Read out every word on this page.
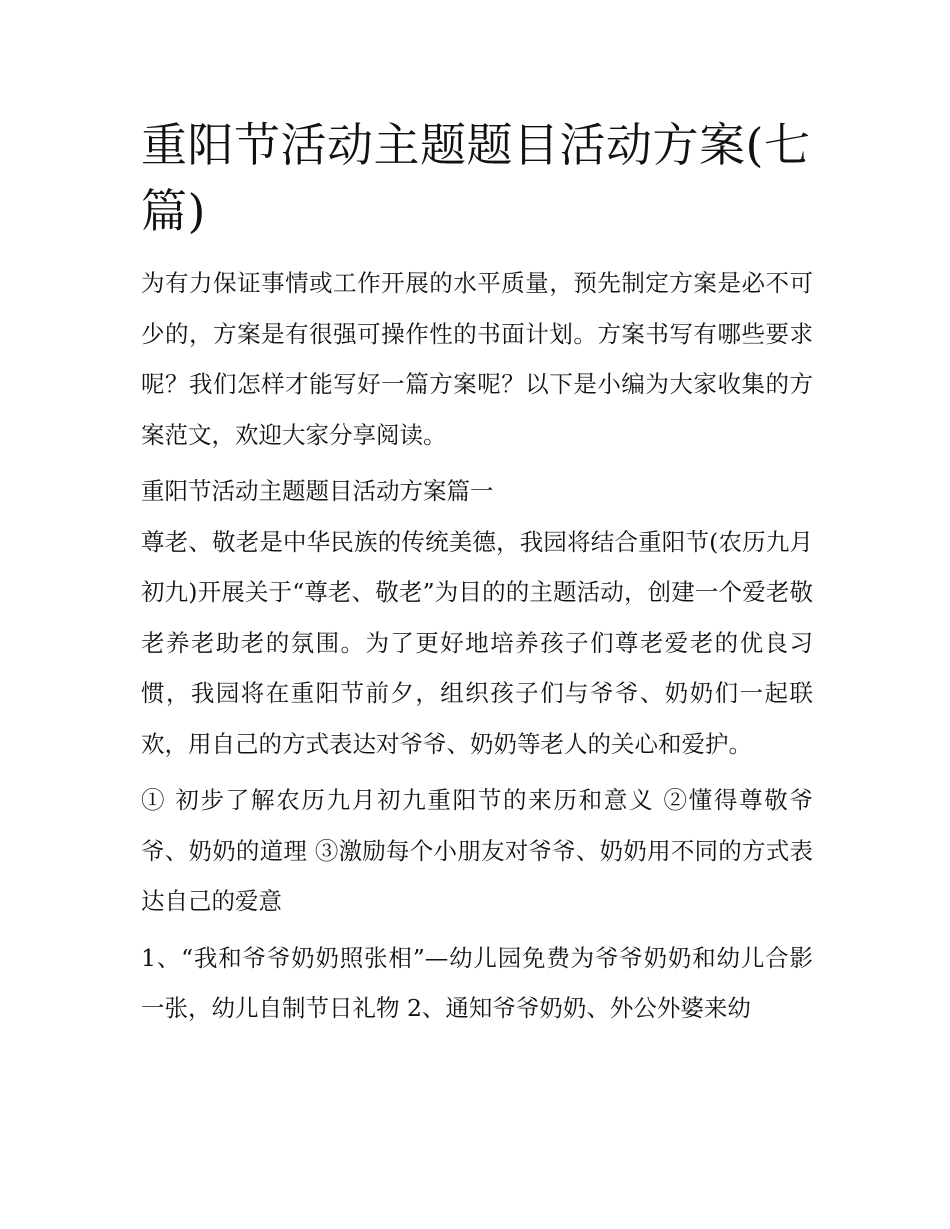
重阳节活动主题题目活动方案(七篇)

为有力保证事情或工作开展的水平质量，预先制定方案是必不可少的，方案是有很强可操作性的书面计划。方案书写有哪些要求呢？我们怎样才能写好一篇方案呢？以下是小编为大家收集的方案范文，欢迎大家分享阅读。

重阳节活动主题题目活动方案篇一

尊老、敬老是中华民族的传统美德，我园将结合重阳节(农历九月初九)开展关于“尊老、敬老”为目的的主题活动，创建一个爱老敬老养老助老的氛围。为了更好地培养孩子们尊老爱老的优良习惯，我园将在重阳节前夕，组织孩子们与爷爷、奶奶们一起联欢，用自己的方式表达对爷爷、奶奶等老人的关心和爱护。

① 初步了解农历九月初九重阳节的来历和意义 ②懂得尊敬爷爷、奶奶的道理 ③激励每个小朋友对爷爷、奶奶用不同的方式表达自己的爱意

1、“我和爷爷奶奶照张相”—幼儿园免费为爷爷奶奶和幼儿合影一张，幼儿自制节日礼物 2、通知爷爷奶奶、外公外婆来幼
